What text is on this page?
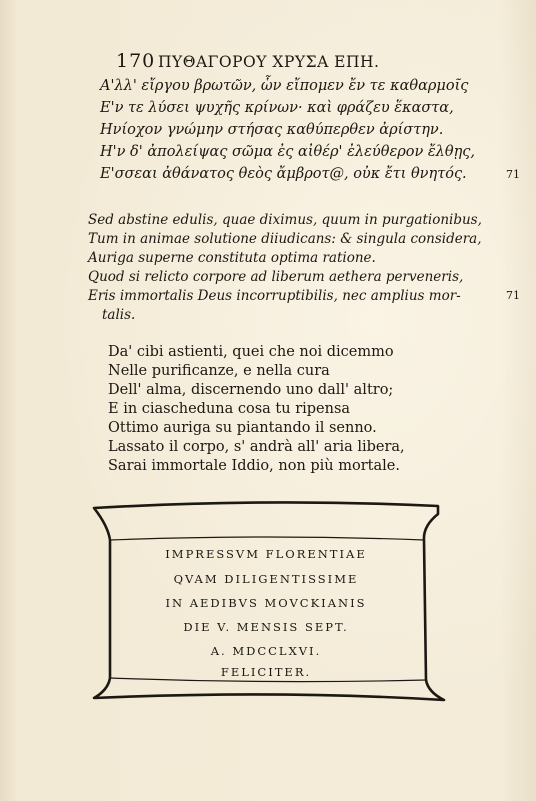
170 ΠΥΘΑΓΟΡΟΥ ΧΡΥΣΑ ΕΠΗ.
Α'λλ' εἴργου βρωτῶν, ὧν εἴπομεν ἔν τε καθαρμοῖς
Ε'ν τε λύσει ψυχῆς κρίνων· καὶ φράζευ ἕκαστα,
Ηνίοχον γνώμην στήσας καθύπερθεν ἀρίστην.
Η'ν δ' ἀπολείψας σῶμα ἐς αἰθέρ' ἐλεύθερον ἔλθῃς,
Ε'σσεαι ἀθάνατος θεὸς ἄμβροτ@, οὐκ ἔτι θνητός.	71
Sed abstine edulis, quae diximus, quum in purgationibus,
Tum in animae solutione diiudicans: & singula considera,
Auriga superne constituta optima ratione.
Quod si relicto corpore ad liberum aethera perveneris,
Eris immortalis Deus incorruptibilis, nec amplius mor-
talis.
71
Da' cibi astienti, quei che noi dicemmo
Nelle purificanze, e nella cura
Dell' alma, discernendo uno dall' altro;
E in ciascheduna cosa tu ripensa
Ottimo auriga su piantando il senno.
Lassato il corpo, s' andrà all' aria libera,
Sarai immortale Iddio, non più mortale.
IMPRESSVM FLORENTIAE
QVAM DILIGENTISSIME
IN AEDIBVS MOVCKIANIS
DIE V. MENSIS SEPT.
A. MDCCLXVI.
FELICITER.
